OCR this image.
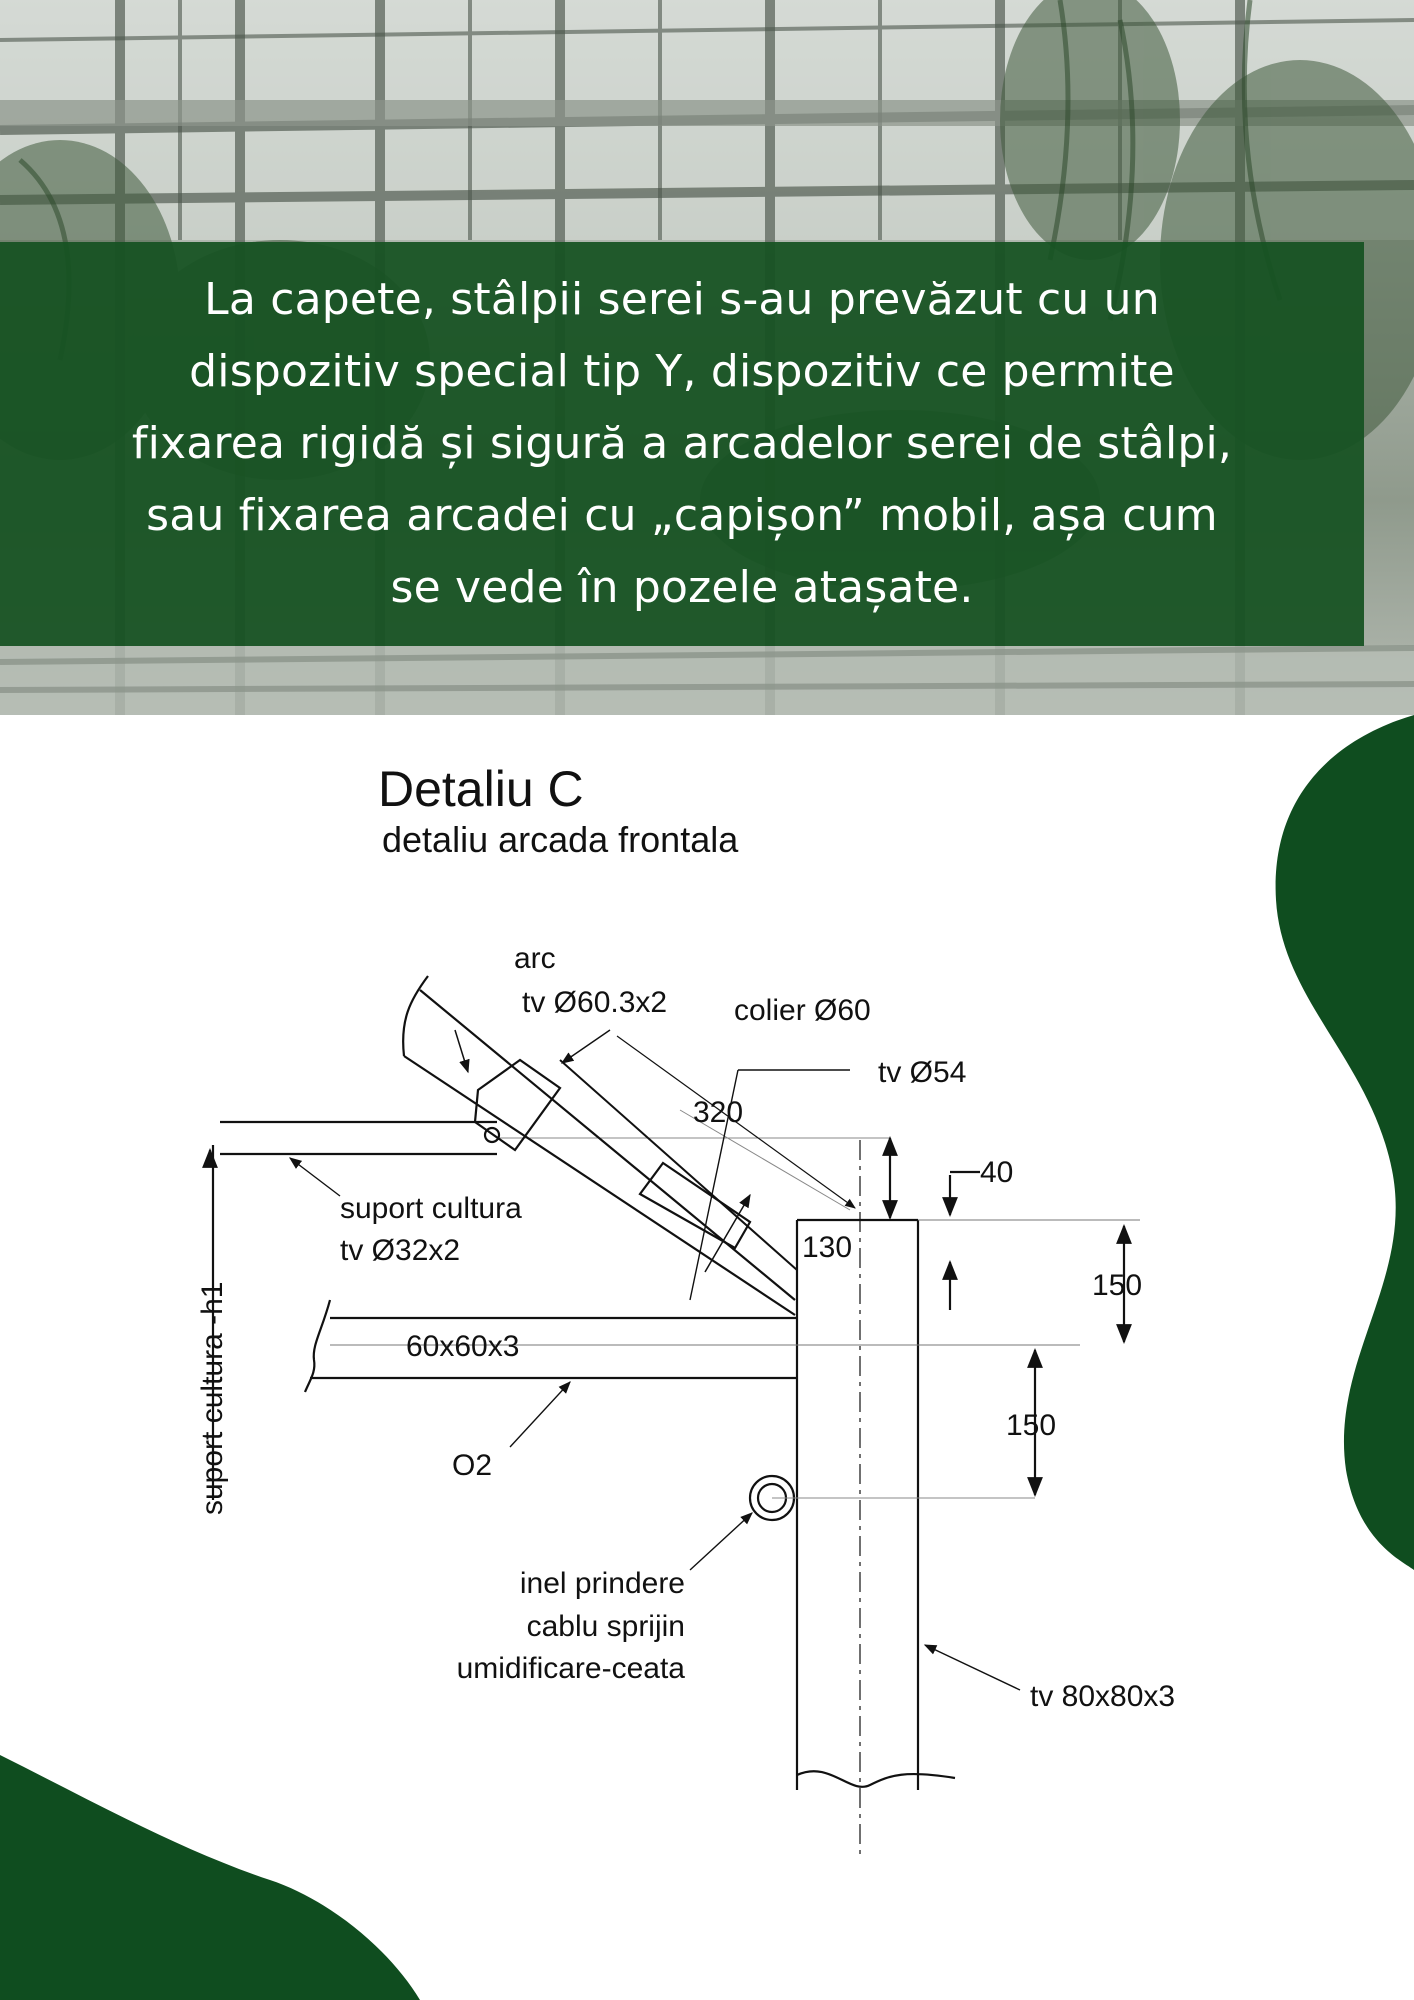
La capete, stâlpii serei s-au prevăzut cu un
dispozitiv special tip Y, dispozitiv ce permite
fixarea rigidă și sigură a arcadelor serei de stâlpi,
sau fixarea arcadei cu „capișon” mobil, așa cum
se vede în pozele atașate.

Detaliu C
detaliu arcada frontala
arc
tv Ø60.3x2 colier Ø60
tv Ø54
suport cultura
tv Ø32x2
suport cultura -h1	60x60x3
O2
inel prindere
cablu sprijin
umidificare-ceata
tv 80x80x3
320
40
130
150
150
